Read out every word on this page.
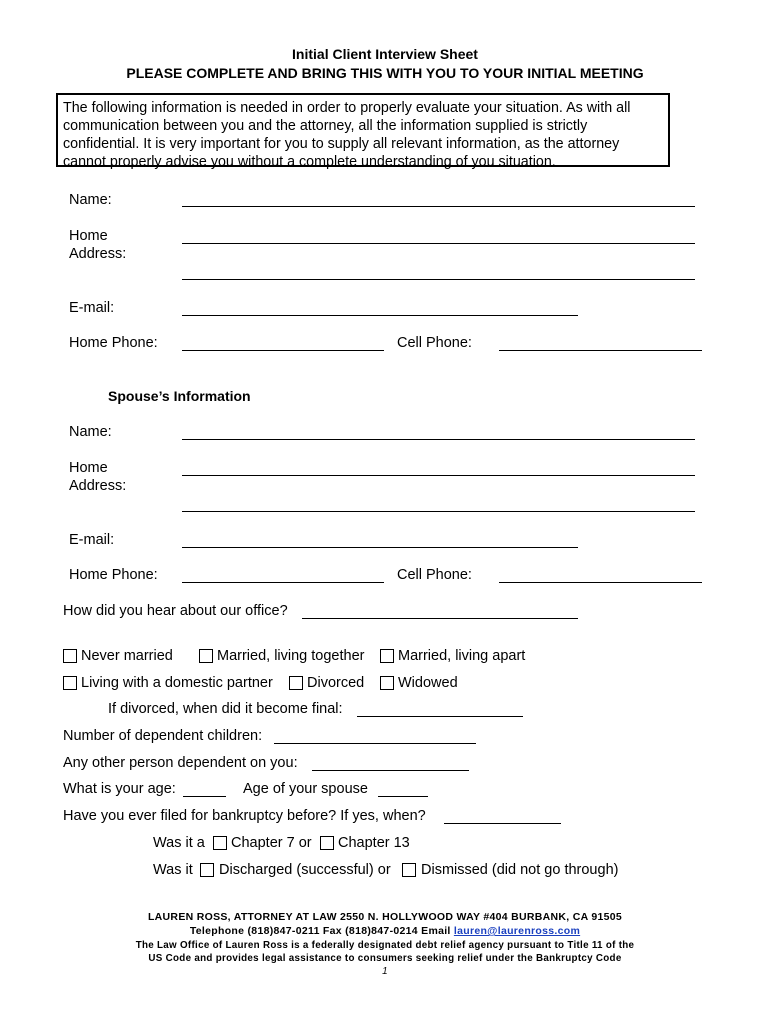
Initial Client Interview Sheet
PLEASE COMPLETE AND BRING THIS WITH YOU TO YOUR INITIAL MEETING
The following information is needed in order to properly evaluate your situation. As with all
communication between you and the attorney, all the information supplied is strictly
confidential. It is very important for you to supply all relevant information, as the attorney
cannot properly advise you without a complete understanding of you situation.
Name:
Home
Address:
E-mail:
Home Phone:	Cell Phone:
Spouse’s Information
Name:
Home
Address:
E-mail:
Home Phone:	Cell Phone:
How did you hear about our office?
Never married	Married, living together Married, living apart
Living with a domestic partner Divorced Widowed
If divorced, when did it become final:
Number of dependent children:
Any other person dependent on you:
What is your age:	Age of your spouse
Have you ever filed for bankruptcy before? If yes, when?
Was it a Chapter 7 or Chapter 13
Was it Discharged (successful) or Dismissed (did not go through)
LAUREN ROSS, ATTORNEY AT LAW 2550 N. HOLLYWOOD WAY #404 BURBANK, CA 91505
Telephone (818)847-0211 Fax (818)847-0214 Email lauren@laurenross.com
The Law Office of Lauren Ross is a federally designated debt relief agency pursuant to Title 11 of the
US Code and provides legal assistance to consumers seeking relief under the Bankruptcy Code
1
